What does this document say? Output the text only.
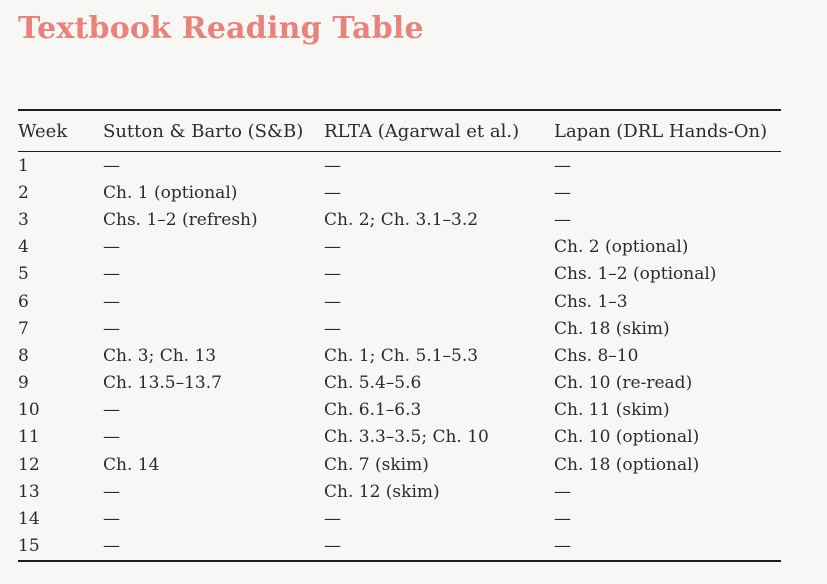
Textbook Reading Table
Week	Sutton & Barto (S&B)	RLTA (Agarwal et al.)	Lapan (DRL Hands-On)
1	—	—	—
2	Ch. 1 (optional)	—	—
3	Chs. 1–2 (refresh)	Ch. 2; Ch. 3.1–3.2	—
4	—	—	Ch. 2 (optional)
5	—	—	Chs. 1–2 (optional)
6	—	—	Chs. 1–3
7	—	—	Ch. 18 (skim)
8	Ch. 3; Ch. 13	Ch. 1; Ch. 5.1–5.3	Chs. 8–10
9	Ch. 13.5–13.7	Ch. 5.4–5.6	Ch. 10 (re-read)
10	—	Ch. 6.1–6.3	Ch. 11 (skim)
11	—	Ch. 3.3–3.5; Ch. 10	Ch. 10 (optional)
12	Ch. 14	Ch. 7 (skim)	Ch. 18 (optional)
13	—	Ch. 12 (skim)	—
14	—	—	—
15	—	—	—
